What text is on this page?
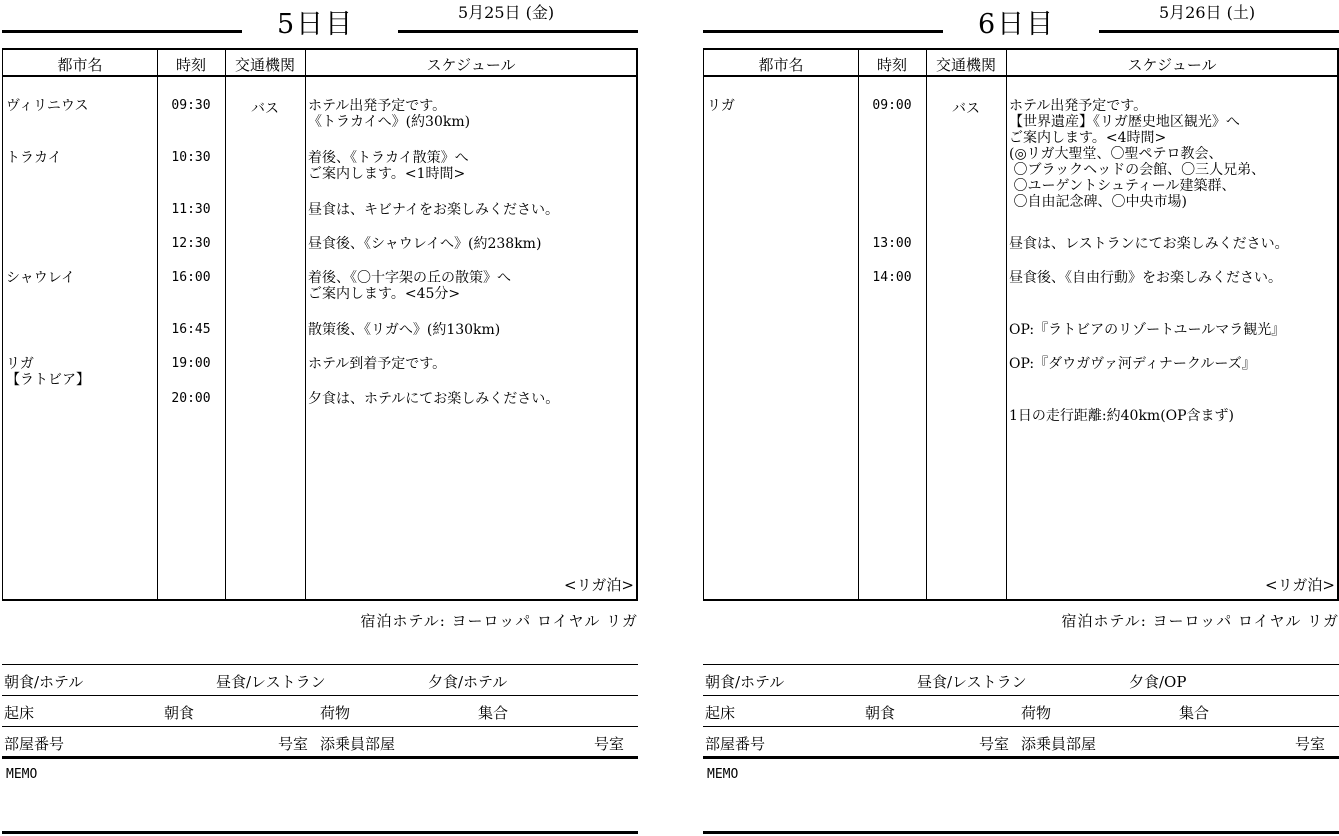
5日目	5月25日 (金)
都市名	時刻	交通機関	スケジュール
ヴィリニウス	09:30	バス	ホテル出発予定です。
《トラカイへ》(約30km)
トラカイ	10:30	着後、《トラカイ散策》へ
ご案内します。<1時間>
11:30	昼食は、キビナイをお楽しみください。
12:30	昼食後、《シャウレイへ》(約238km)
シャウレイ	16:00	着後、《〇十字架の丘の散策》へ
ご案内します。<45分>
16:45	散策後、《リガへ》(約130km)
リガ
【ラトビア】
19:00	ホテル到着予定です。
20:00	夕食は、ホテルにてお楽しみください。
<リガ泊>
宿泊ホテル: ヨーロッパ ロイヤル リガ
朝食/ホテル	昼食/レストラン	夕食/ホテル
起床	朝食	荷物	集合
部屋番号	号室 添乗員部屋	号室
MEMO
6日目	5月26日 (土)
都市名	時刻	交通機関	スケジュール
リガ	09:00	バス	ホテル出発予定です。
【世界遺産】《リガ歴史地区観光》へ
ご案内します。<4時間>
(◎リガ大聖堂、〇聖ペテロ教会、
〇ブラックヘッドの会館、〇三人兄弟、
〇ユーゲントシュティール建築群、
〇自由記念碑、〇中央市場)
13:00	昼食は、レストランにてお楽しみください。
14:00	昼食後、《自由行動》をお楽しみください。
OP:『ラトビアのリゾートユールマラ観光』
OP:『ダウガヴァ河ディナークルーズ』
1日の走行距離:約40km(OP含まず)
<リガ泊>
宿泊ホテル: ヨーロッパ ロイヤル リガ
朝食/ホテル	昼食/レストラン	夕食/OP
起床	朝食	荷物	集合
部屋番号	号室 添乗員部屋	号室
MEMO
